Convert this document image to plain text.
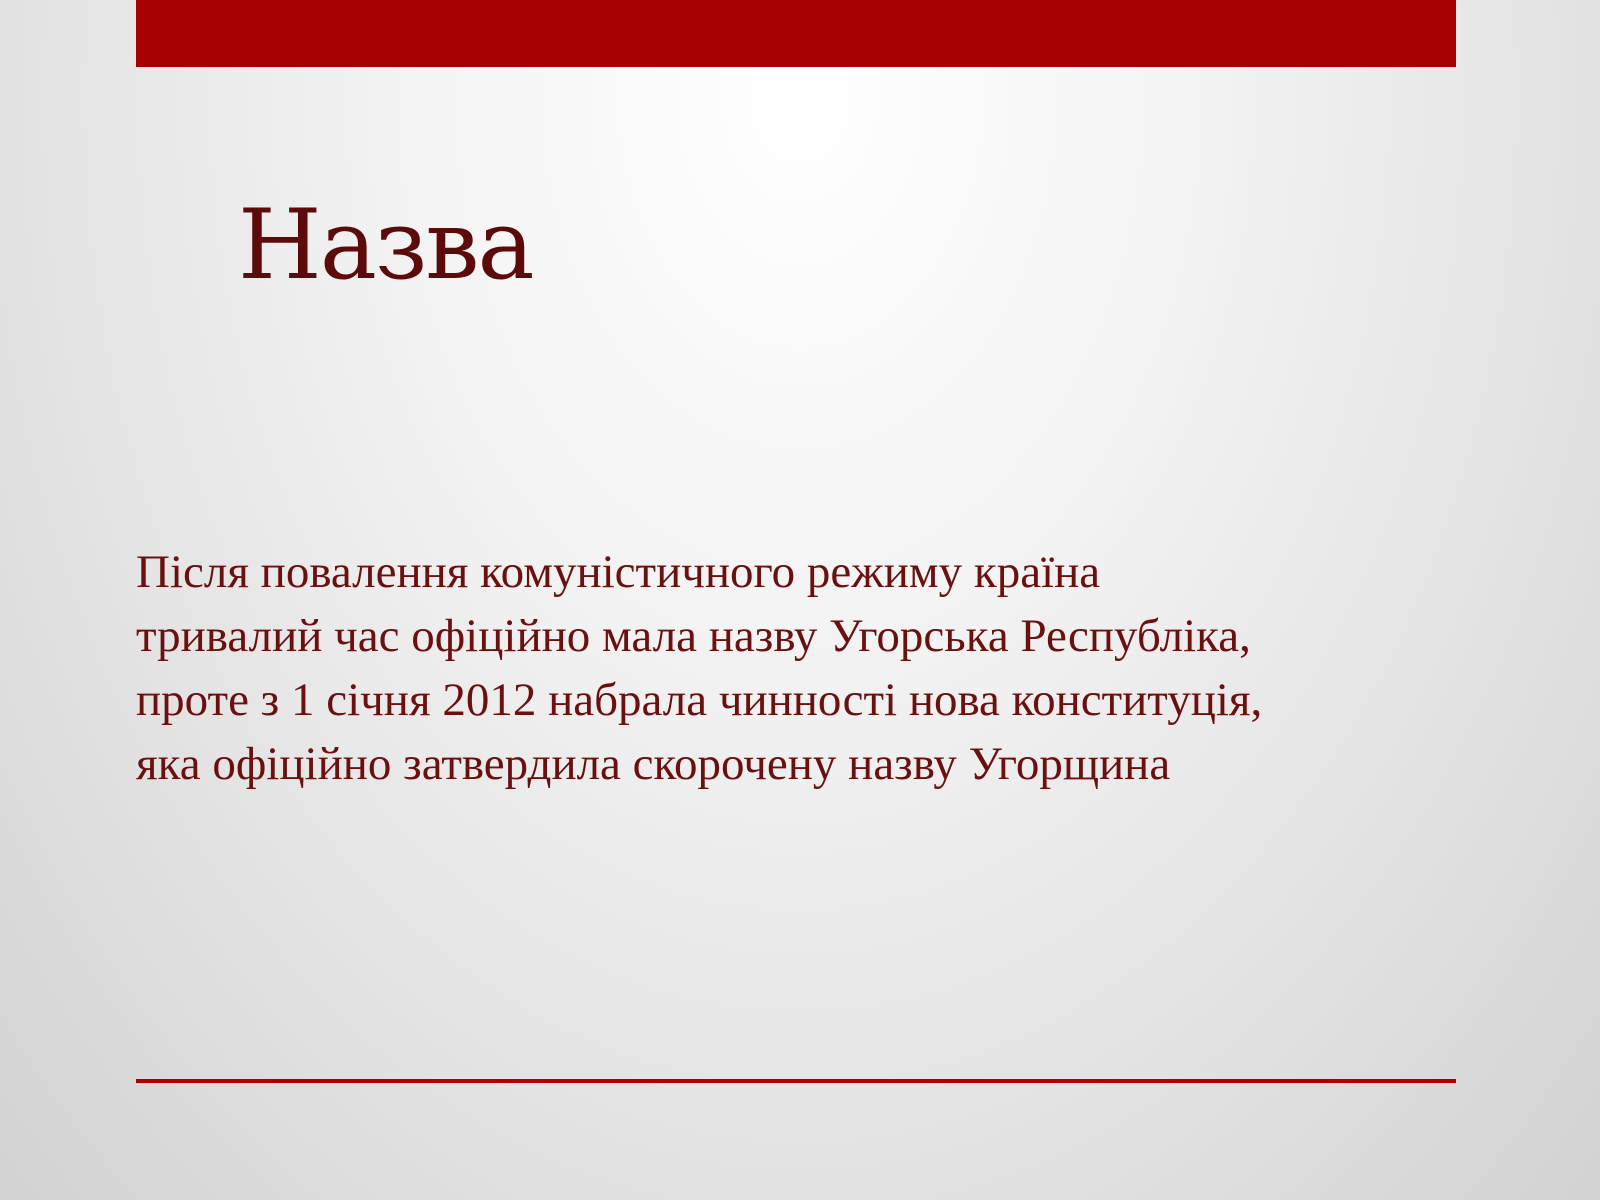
Назва
Після повалення комуністичного режиму країна
тривалий час офіційно мала назву Угорська Республіка,
проте з 1 січня 2012 набрала чинності нова конституція,
яка офіційно затвердила скорочену назву Угорщина
